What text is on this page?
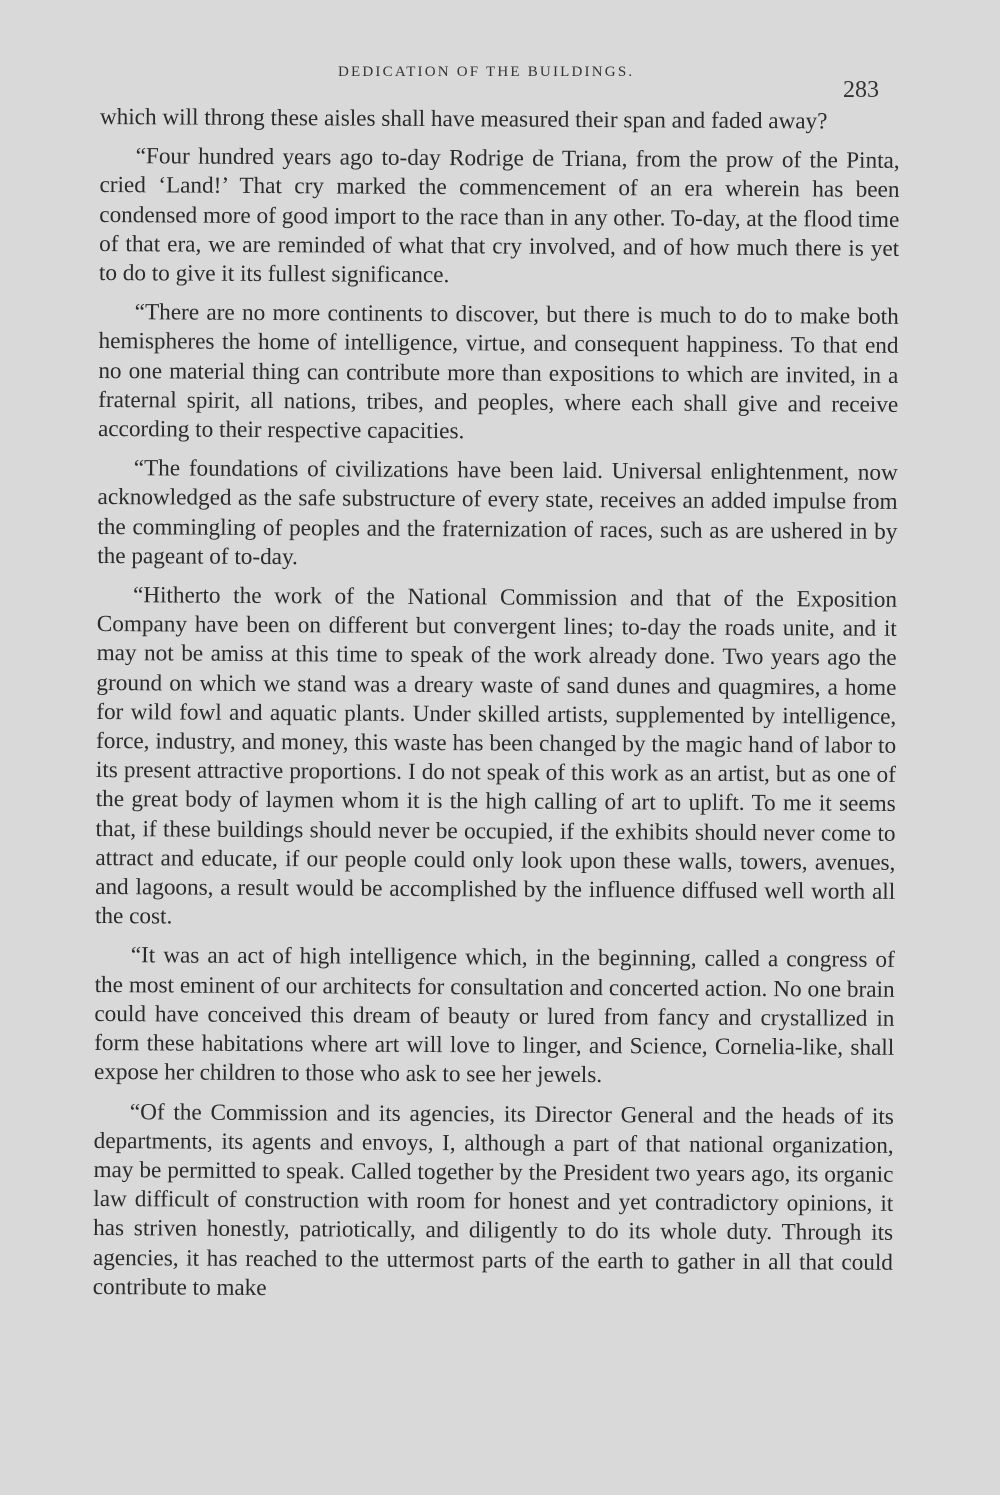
DEDICATION OF THE BUILDINGS.
283

which will throng these aisles shall have measured their span and faded away?

“Four hundred years ago to-day Rodrige de Triana, from the prow of the Pinta, cried ‘Land!’ That cry marked the commencement of an era wherein has been condensed more of good import to the race than in any other. To-day, at the flood time of that era, we are reminded of what that cry involved, and of how much there is yet to do to give it its fullest significance.

“There are no more continents to discover, but there is much to do to make both hemispheres the home of intelligence, virtue, and consequent happiness. To that end no one material thing can contribute more than expositions to which are invited, in a fraternal spirit, all nations, tribes, and peoples, where each shall give and receive according to their respective capacities.

“The foundations of civilizations have been laid. Universal enlightenment, now acknowledged as the safe substructure of every state, receives an added impulse from the commingling of peoples and the fraternization of races, such as are ushered in by the pageant of to-day.

“Hitherto the work of the National Commission and that of the Exposition Company have been on different but convergent lines; to-day the roads unite, and it may not be amiss at this time to speak of the work already done. Two years ago the ground on which we stand was a dreary waste of sand dunes and quagmires, a home for wild fowl and aquatic plants. Under skilled artists, supplemented by intelligence, force, industry, and money, this waste has been changed by the magic hand of labor to its present attractive proportions. I do not speak of this work as an artist, but as one of the great body of laymen whom it is the high calling of art to uplift. To me it seems that, if these buildings should never be occupied, if the exhibits should never come to attract and educate, if our people could only look upon these walls, towers, avenues, and lagoons, a result would be accomplished by the influence diffused well worth all the cost.

“It was an act of high intelligence which, in the beginning, called a congress of the most eminent of our architects for consultation and concerted action. No one brain could have conceived this dream of beauty or lured from fancy and crystallized in form these habitations where art will love to linger, and Science, Cornelia-like, shall expose her children to those who ask to see her jewels.

“Of the Commission and its agencies, its Director General and the heads of its departments, its agents and envoys, I, although a part of that national organization, may be permitted to speak. Called together by the President two years ago, its organic law difficult of construction with room for honest and yet contradictory opinions, it has striven honestly, patriotically, and diligently to do its whole duty. Through its agencies, it has reached to the uttermost parts of the earth to gather in all that could contribute to make
